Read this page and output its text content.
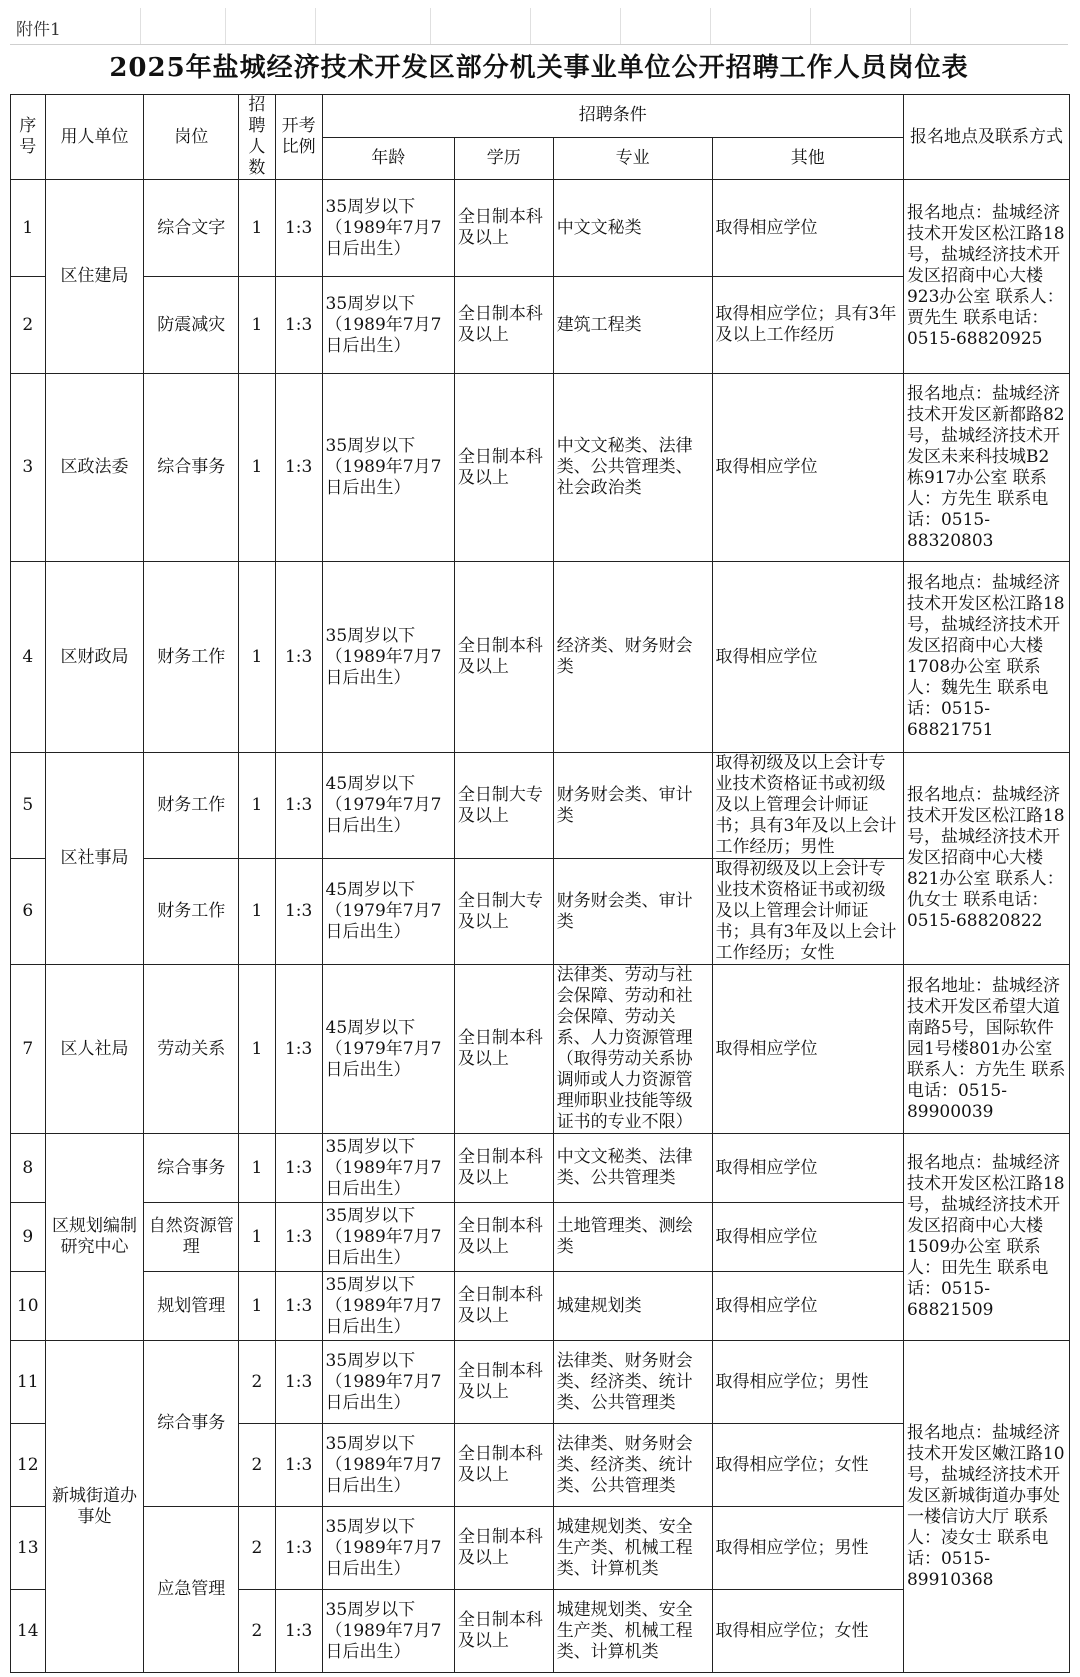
附件1
2025年盐城经济技术开发区部分机关事业单位公开招聘工作人员岗位表
序号	用人单位	岗位	招聘人数	开考比例	招聘条件				报名地点及联系方式
					年龄	学历	专业	其他	
1	区住建局	综合文字	1	1:3	35周岁以下（1989年7月7日后出生）	全日制本科及以上	中文文秘类	取得相应学位	报名地点：盐城经济技术开发区松江路18号，盐城经济技术开发区招商中心大楼923办公室 联系人：贾先生 联系电话：0515-68820925
2		防震减灾	1	1:3	35周岁以下（1989年7月7日后出生）	全日制本科及以上	建筑工程类	取得相应学位；具有3年及以上工作经历	
3	区政法委	综合事务	1	1:3	35周岁以下（1989年7月7日后出生）	全日制本科及以上	中文文秘类、法律类、公共管理类、社会政治类	取得相应学位	报名地点：盐城经济技术开发区新都路82号，盐城经济技术开发区未来科技城B2栋917办公室 联系人：方先生 联系电话：0515-88320803
4	区财政局	财务工作	1	1:3	35周岁以下（1989年7月7日后出生）	全日制本科及以上	经济类、财务财会类	取得相应学位	报名地点：盐城经济技术开发区松江路18号，盐城经济技术开发区招商中心大楼1708办公室 联系人：魏先生 联系电话：0515-68821751
5	区社事局	财务工作	1	1:3	45周岁以下（1979年7月7日后出生）	全日制大专及以上	财务财会类、审计类	取得初级及以上会计专业技术资格证书或初级及以上管理会计师证书；具有3年及以上会计工作经历；男性	报名地点：盐城经济技术开发区松江路18号，盐城经济技术开发区招商中心大楼821办公室 联系人：仇女士 联系电话：0515-68820822
6		财务工作	1	1:3	45周岁以下（1979年7月7日后出生）	全日制大专及以上	财务财会类、审计类	取得初级及以上会计专业技术资格证书或初级及以上管理会计师证书；具有3年及以上会计工作经历；女性	
7	区人社局	劳动关系	1	1:3	45周岁以下（1979年7月7日后出生）	全日制本科及以上	法律类、劳动与社会保障、劳动和社会保障、劳动关系、人力资源管理（取得劳动关系协调师或人力资源管理师职业技能等级证书的专业不限）	取得相应学位	报名地址：盐城经济技术开发区希望大道南路5号，国际软件园1号楼801办公室 联系人：方先生 联系电话：0515-89900039
8	区规划编制研究中心	综合事务	1	1:3	35周岁以下（1989年7月7日后出生）	全日制本科及以上	中文文秘类、法律类、公共管理类	取得相应学位	报名地点：盐城经济技术开发区松江路18号，盐城经济技术开发区招商中心大楼1509办公室 联系人：田先生 联系电话：0515-68821509
9		自然资源管理	1	1:3	35周岁以下（1989年7月7日后出生）	全日制本科及以上	土地管理类、测绘类	取得相应学位	
10		规划管理	1	1:3	35周岁以下（1989年7月7日后出生）	全日制本科及以上	城建规划类	取得相应学位	
11	新城街道办事处	综合事务	2	1:3	35周岁以下（1989年7月7日后出生）	全日制本科及以上	法律类、财务财会类、经济类、统计类、公共管理类	取得相应学位；男性	报名地点：盐城经济技术开发区嫩江路10号，盐城经济技术开发区新城街道办事处一楼信访大厅 联系人：凌女士 联系电话：0515-89910368
12			2	1:3	35周岁以下（1989年7月7日后出生）	全日制本科及以上	法律类、财务财会类、经济类、统计类、公共管理类	取得相应学位；女性	
13		应急管理	2	1:3	35周岁以下（1989年7月7日后出生）	全日制本科及以上	城建规划类、安全生产类、机械工程类、计算机类	取得相应学位；男性	
14			2	1:3	35周岁以下（1989年7月7日后出生）	全日制本科及以上	城建规划类、安全生产类、机械工程类、计算机类	取得相应学位；女性	
